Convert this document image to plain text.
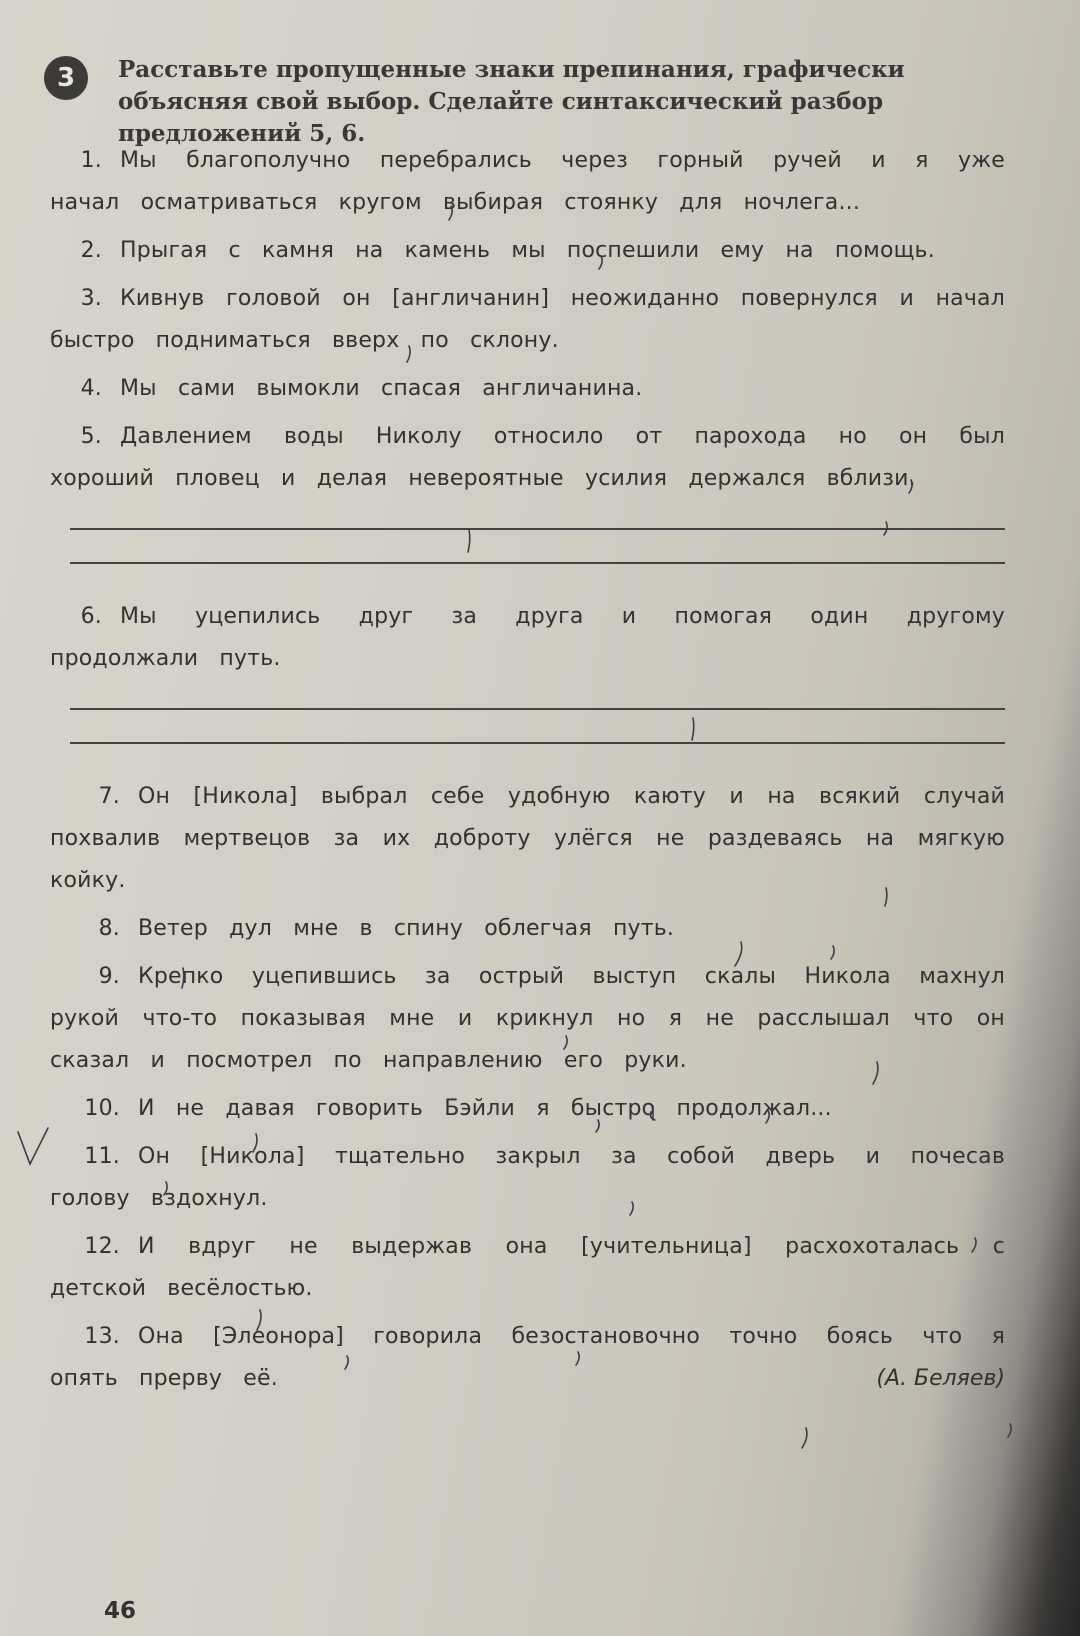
3	Расставьте пропущенные знаки препинания, графически объясняя свой выбор. Сделайте синтаксический разбор предложений 5, 6.

1. Мы благополучно перебрались через горный ручей и я уже начал осматриваться кругом выбирая стоянку для ночлега...

2. Прыгая с камня на камень мы поспешили ему на помощь.

3. Кивнув головой он [англичанин] неожиданно повернулся и начал быстро подниматься вверх по склону.

4. Мы сами вымокли спасая англичанина.

5. Давлением воды Николу относило от парохода но он был хороший пловец и делая невероятные усилия держался вблизи.

6. Мы уцепились друг за друга и помогая один другому продолжали путь.

7. Он [Никола] выбрал себе удобную каюту и на всякий случай похвалив мертвецов за их доброту улёгся не раздеваясь на мягкую койку.

8. Ветер дул мне в спину облегчая путь.

9. Крепко уцепившись за острый выступ скалы Никола махнул рукой что-то показывая мне и крикнул но я не расслышал что он сказал и посмотрел по направлению его руки.

10. И не давая говорить Бэйли я быстро продолжал...

11. Он [Никола] тщательно закрыл за собой дверь и почесав голову вздохнул.

12. И вдруг не выдержав она [учительница] расхохоталась с детской весёлостью.

13. Она [Элеонора] говорила безостановочно точно боясь что я опять прерву её.	(А. Беляев)
46
